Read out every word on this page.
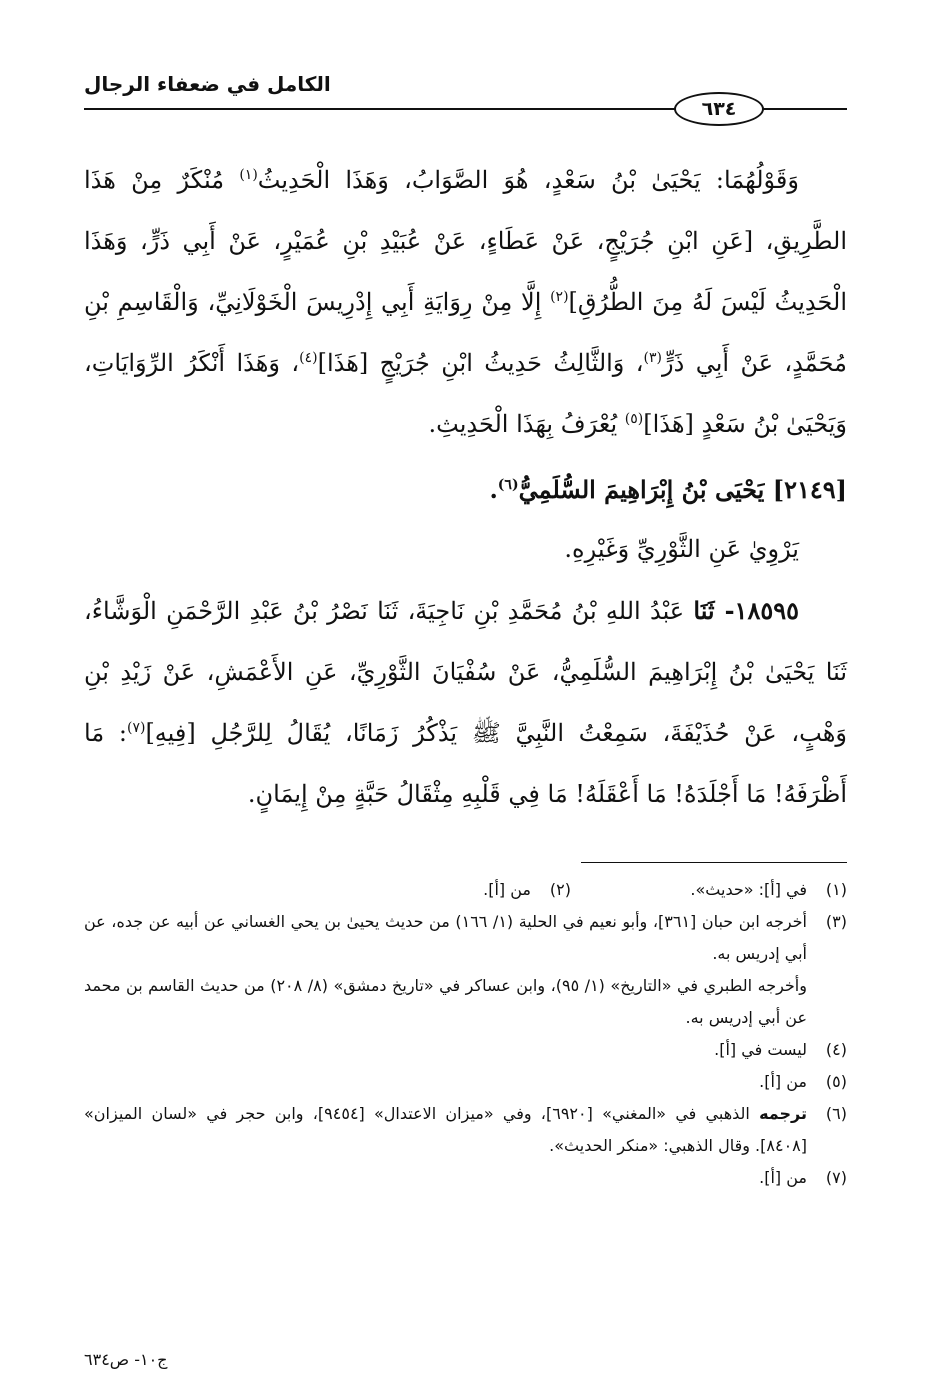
الكامل في ضعفاء الرجال
٦٣٤

وَقَوْلُهُمَا: يَحْيَىٰ بْنُ سَعْدٍ، هُوَ الصَّوَابُ، وَهَذَا الْحَدِيثُ$^{(١)}$ مُنْكَرٌ مِنْ هَذَا الطَّرِيقِ، [عَنِ ابْنِ جُرَيْجٍ، عَنْ عَطَاءٍ، عَنْ عُبَيْدِ بْنِ عُمَيْرٍ، عَنْ أَبِي ذَرٍّ، وَهَذَا الْحَدِيثُ لَيْسَ لَهُ مِنَ الطُّرُقِ]$^{(٢)}$ إِلَّا مِنْ رِوَايَةِ أَبِي إِدْرِيسَ الْخَوْلَانِيِّ، وَالْقَاسِمِ بْنِ مُحَمَّدٍ، عَنْ أَبِي ذَرٍّ$^{(٣)}$، وَالثَّالِثُ حَدِيثُ ابْنِ جُرَيْجٍ [هَذَا]$^{(٤)}$، وَهَذَا أَنْكَرُ الرِّوَايَاتِ، وَيَحْيَىٰ بْنُ سَعْدٍ [هَذَا]$^{(٥)}$ يُعْرَفُ بِهَذَا الْحَدِيثِ.

[٢١٤٩] يَحْيَى بْنُ إِبْرَاهِيمَ السُّلَمِيُّ$^{(٦)}$.

يَرْوِيٰ عَنِ الثَّوْرِيِّ وَغَيْرِهِ.

١٨٥٩٥- ثَنَا عَبْدُ اللهِ بْنُ مُحَمَّدِ بْنِ نَاجِيَةَ، ثَنَا نَصْرُ بْنُ عَبْدِ الرَّحْمَنِ الْوَشَّاءُ، ثَنَا يَحْيَىٰ بْنُ إِبْرَاهِيمَ السُّلَمِيُّ، عَنْ سُفْيَانَ الثَّوْرِيِّ، عَنِ الأَعْمَشِ، عَنْ زَيْدِ بْنِ وَهْبٍ، عَنْ حُذَيْفَةَ، سَمِعْتُ النَّبِيَّ ﷺ يَذْكُرُ زَمَانًا، يُقَالُ لِلرَّجُلِ [فِيهِ]$^{(٧)}$: مَا أَظْرَفَهُ! مَا أَجْلَدَهُ! مَا أَعْقَلَهُ! مَا فِي قَلْبِهِ مِثْقَالُ حَبَّةٍ مِنْ إِيمَانٍ.

(١)
في [أ]: «حديث».
(٢)
من [أ].
(٣)

أخرجه ابن حبان [٣٦١]، وأبو نعيم في الحلية (١/ ١٦٦) من حديث يحيىٰ بن يحي الغساني عن أبيه عن جده، عن أبي إدريس به.

وأخرجه الطبري في «التاريخ» (١/ ٩٥)، وابن عساكر في «تاريخ دمشق» (٨/ ٢٠٨) من حديث القاسم بن محمد عن أبي إدريس به.

(٤)
ليست في [أ].
(٥)
من [أ].
(٦)
ترجمه الذهبي في «المغني» [٦٩٢٠]، وفي «ميزان الاعتدال» [٩٤٥٤]، وابن حجر في «لسان الميزان» [٨٤٠٨]. وقال الذهبي: «منكر الحديث».
(٧)
من [أ].
ج١٠- ص٦٣٤
